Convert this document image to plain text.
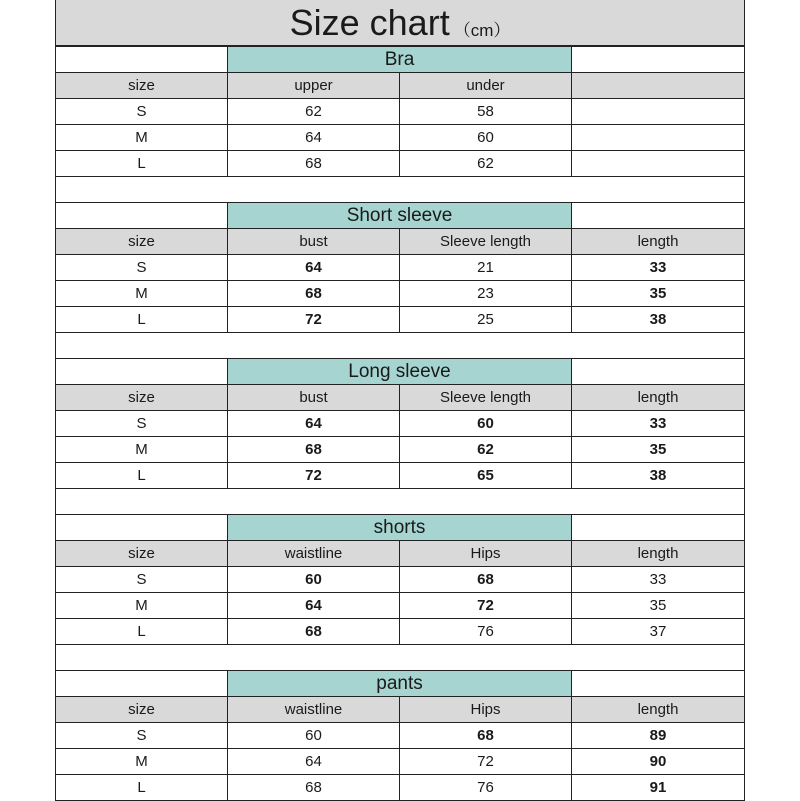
Size chart （cm）
	Bra		
size	upper	under	
S	62	58	
M	64	60	
L	68	62	

	Short sleeve		
size	bust	Sleeve length	length
S	64	21	33
M	68	23	35
L	72	25	38

	Long sleeve		
size	bust	Sleeve length	length
S	64	60	33
M	68	62	35
L	72	65	38

	shorts		
size	waistline	Hips	length
S	60	68	33
M	64	72	35
L	68	76	37

	pants		
size	waistline	Hips	length
S	60	68	89
M	64	72	90
L	68	76	91
